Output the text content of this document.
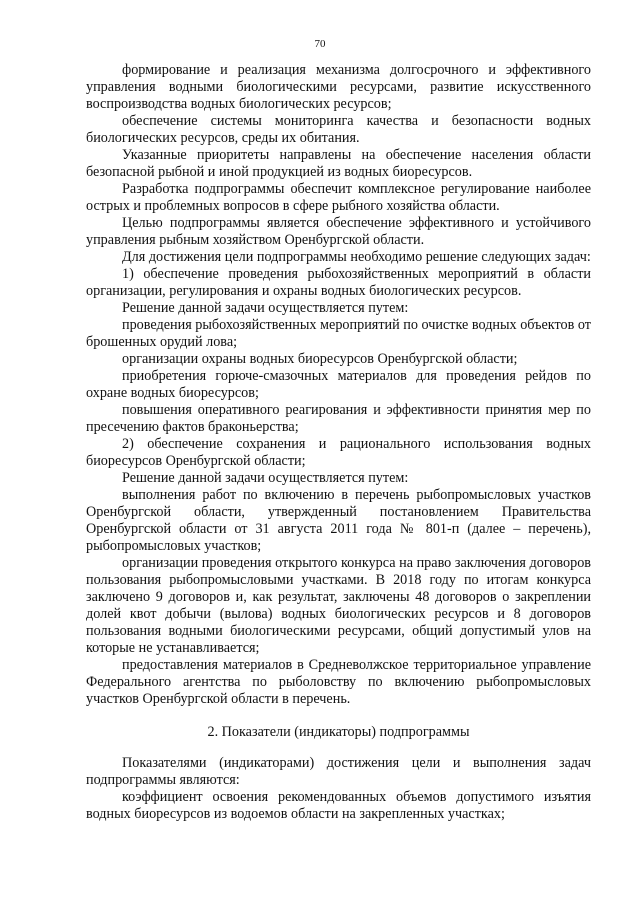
70

формирование и реализация механизма долгосрочного и эффективного управления водными биологическими ресурсами, развитие искусственного воспроизводства водных биологических ресурсов;

обеспечение системы мониторинга качества и безопасности водных биологических ресурсов, среды их обитания.

Указанные приоритеты направлены на обеспечение населения области безопасной рыбной и иной продукцией из водных биоресурсов.

Разработка подпрограммы обеспечит комплексное регулирование наиболее острых и проблемных вопросов в сфере рыбного хозяйства области.

Целью подпрограммы является обеспечение эффективного и устойчивого управления рыбным хозяйством Оренбургской области.

Для достижения цели подпрограммы необходимо решение следующих задач:

1) обеспечение проведения рыбохозяйственных мероприятий в области организации, регулирования и охраны водных биологических ресурсов.

Решение данной задачи осуществляется путем:

проведения рыбохозяйственных мероприятий по очистке водных объектов от брошенных орудий лова;

организации охраны водных биоресурсов Оренбургской области;

приобретения горюче-смазочных материалов для проведения рейдов по охране водных биоресурсов;

повышения оперативного реагирования и эффективности принятия мер по пресечению фактов браконьерства;

2) обеспечение сохранения и рационального использования водных биоресурсов Оренбургской области;

Решение данной задачи осуществляется путем:

выполнения работ по включению в перечень рыбопромысловых участков Оренбургской области, утвержденный постановлением Правительства Оренбургской области от 31 августа 2011 года № 801-п (далее – перечень), рыбопромысловых участков;

организации проведения открытого конкурса на право заключения договоров пользования рыбопромысловыми участками. В 2018 году по итогам конкурса заключено 9 договоров и, как результат, заключены 48 договоров о закреплении долей квот добычи (вылова) водных биологических ресурсов и 8 договоров пользования водными биологическими ресурсами, общий допустимый улов на которые не устанавливается;

предоставления материалов в Средневолжское территориальное управление Федерального агентства по рыболовству по включению рыбопромысловых участков Оренбургской области в перечень.

2. Показатели (индикаторы) подпрограммы

Показателями (индикаторами) достижения цели и выполнения задач подпрограммы являются:

коэффициент освоения рекомендованных объемов допустимого изъятия водных биоресурсов из водоемов области на закрепленных участках;
